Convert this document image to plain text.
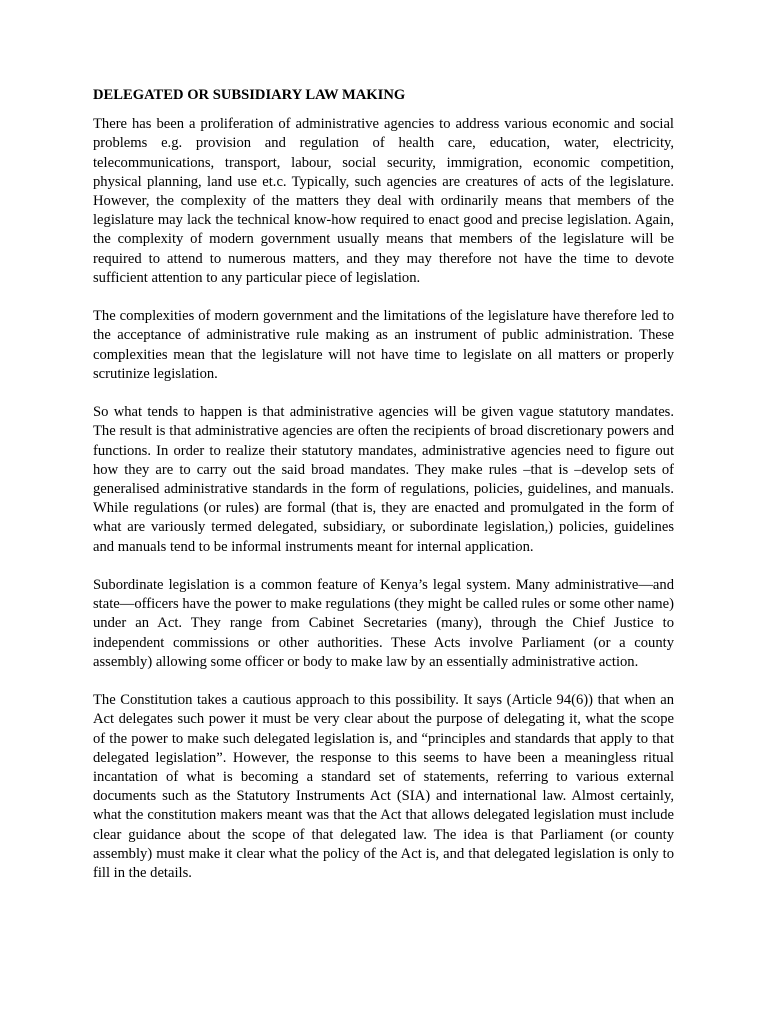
DELEGATED OR SUBSIDIARY LAW MAKING

There has been a proliferation of administrative agencies to address various economic and social problems e.g. provision and regulation of health care, education, water, electricity, telecommunications, transport, labour, social security, immigration, economic competition, physical planning, land use et.c. Typically, such agencies are creatures of acts of the legislature. However, the complexity of the matters they deal with ordinarily means that members of the legislature may lack the technical know-how required to enact good and precise legislation. Again, the complexity of modern government usually means that members of the legislature will be required to attend to numerous matters, and they may therefore not have the time to devote sufficient attention to any particular piece of legislation.

The complexities of modern government and the limitations of the legislature have therefore led to the acceptance of administrative rule making as an instrument of public administration. These complexities mean that the legislature will not have time to legislate on all matters or properly scrutinize legislation.

So what tends to happen is that administrative agencies will be given vague statutory mandates. The result is that administrative agencies are often the recipients of broad discretionary powers and functions. In order to realize their statutory mandates, administrative agencies need to figure out how they are to carry out the said broad mandates. They make rules –that is –develop sets of generalised administrative standards in the form of regulations, policies, guidelines, and manuals. While regulations (or rules) are formal (that is, they are enacted and promulgated in the form of what are variously termed delegated, subsidiary, or subordinate legislation,) policies, guidelines and manuals tend to be informal instruments meant for internal application.

Subordinate legislation is a common feature of Kenya’s legal system. Many administrative—and state—officers have the power to make regulations (they might be called rules or some other name) under an Act. They range from Cabinet Secretaries (many), through the Chief Justice to independent commissions or other authorities. These Acts involve Parliament (or a county assembly) allowing some officer or body to make law by an essentially administrative action.

The Constitution takes a cautious approach to this possibility. It says (Article 94(6)) that when an Act delegates such power it must be very clear about the purpose of delegating it, what the scope of the power to make such delegated legislation is, and “principles and standards that apply to that delegated legislation”. However, the response to this seems to have been a meaningless ritual incantation of what is becoming a standard set of statements, referring to various external documents such as the Statutory Instruments Act (SIA) and international law. Almost certainly, what the constitution makers meant was that the Act that allows delegated legislation must include clear guidance about the scope of that delegated law. The idea is that Parliament (or county assembly) must make it clear what the policy of the Act is, and that delegated legislation is only to fill in the details.
